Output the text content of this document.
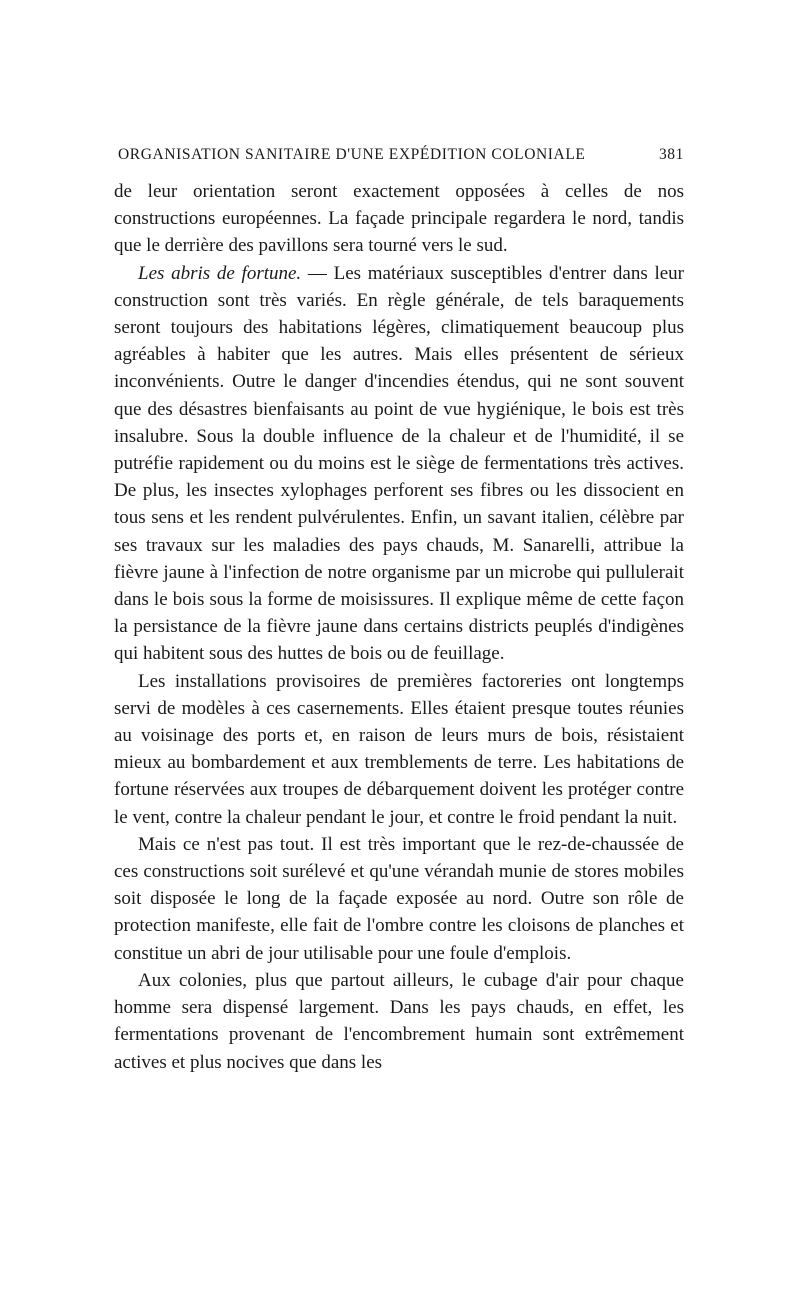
ORGANISATION SANITAIRE D'UNE EXPÉDITION COLONIALE	381

de leur orientation seront exactement opposées à celles de nos constructions européennes. La façade principale regardera le nord, tandis que le derrière des pavillons sera tourné vers le sud.

Les abris de fortune. — Les matériaux susceptibles d'entrer dans leur construction sont très variés. En règle générale, de tels baraquements seront toujours des habitations légères, climatiquement beaucoup plus agréables à habiter que les autres. Mais elles présentent de sérieux inconvénients. Outre le danger d'incendies étendus, qui ne sont souvent que des désastres bienfaisants au point de vue hygiénique, le bois est très insalubre. Sous la double influence de la chaleur et de l'humidité, il se putréfie rapidement ou du moins est le siège de fermentations très actives. De plus, les insectes xylophages perforent ses fibres ou les dissocient en tous sens et les rendent pulvérulentes. Enfin, un savant italien, célèbre par ses travaux sur les maladies des pays chauds, M. Sanarelli, attribue la fièvre jaune à l'infection de notre organisme par un microbe qui pullulerait dans le bois sous la forme de moisissures. Il explique même de cette façon la persistance de la fièvre jaune dans certains districts peuplés d'indigènes qui habitent sous des huttes de bois ou de feuillage.

Les installations provisoires de premières factoreries ont longtemps servi de modèles à ces casernements. Elles étaient presque toutes réunies au voisinage des ports et, en raison de leurs murs de bois, résistaient mieux au bombardement et aux tremblements de terre. Les habitations de fortune réservées aux troupes de débarquement doivent les protéger contre le vent, contre la chaleur pendant le jour, et contre le froid pendant la nuit.

Mais ce n'est pas tout. Il est très important que le rez-de-chaussée de ces constructions soit surélevé et qu'une vérandah munie de stores mobiles soit disposée le long de la façade exposée au nord. Outre son rôle de protection manifeste, elle fait de l'ombre contre les cloisons de planches et constitue un abri de jour utilisable pour une foule d'emplois.

Aux colonies, plus que partout ailleurs, le cubage d'air pour chaque homme sera dispensé largement. Dans les pays chauds, en effet, les fermentations provenant de l'encombrement humain sont extrêmement actives et plus nocives que dans les
